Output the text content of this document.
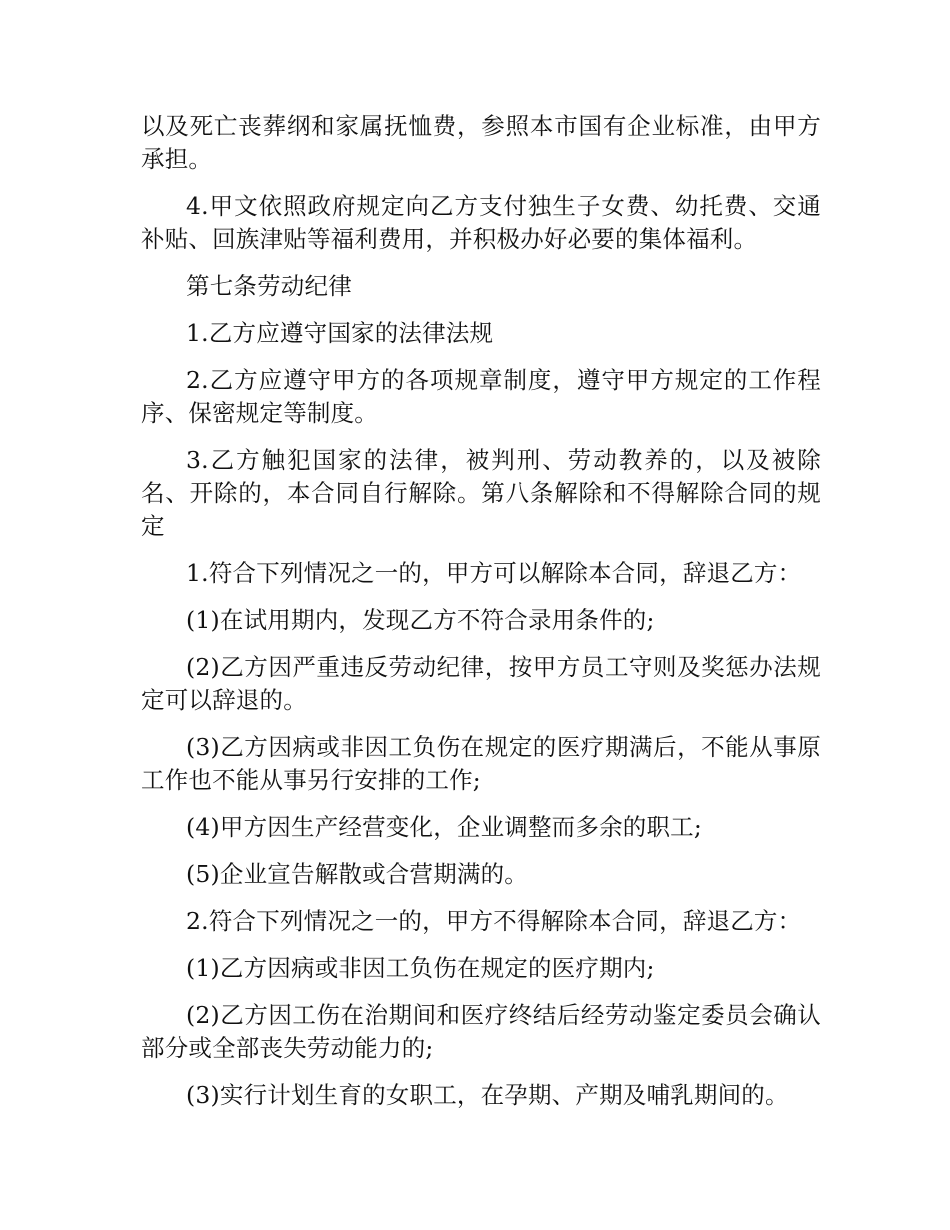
以及死亡丧葬纲和家属抚恤费，参照本市国有企业标准，由甲方承担。

4.甲文依照政府规定向乙方支付独生子女费、幼托费、交通补贴、回族津贴等福利费用，并积极办好必要的集体福利。

第七条劳动纪律

1.乙方应遵守国家的法律法规

2.乙方应遵守甲方的各项规章制度，遵守甲方规定的工作程序、保密规定等制度。

3.乙方触犯国家的法律，被判刑、劳动教养的，以及被除名、开除的，本合同自行解除。第八条解除和不得解除合同的规定

1.符合下列情况之一的，甲方可以解除本合同，辞退乙方：

(1)在试用期内，发现乙方不符合录用条件的;

(2)乙方因严重违反劳动纪律，按甲方员工守则及奖惩办法规定可以辞退的。

(3)乙方因病或非因工负伤在规定的医疗期满后，不能从事原工作也不能从事另行安排的工作;

(4)甲方因生产经营变化，企业调整而多余的职工;

(5)企业宣告解散或合营期满的。

2.符合下列情况之一的，甲方不得解除本合同，辞退乙方：

(1)乙方因病或非因工负伤在规定的医疗期内;

(2)乙方因工伤在治期间和医疗终结后经劳动鉴定委员会确认部分或全部丧失劳动能力的;

(3)实行计划生育的女职工，在孕期、产期及哺乳期间的。
